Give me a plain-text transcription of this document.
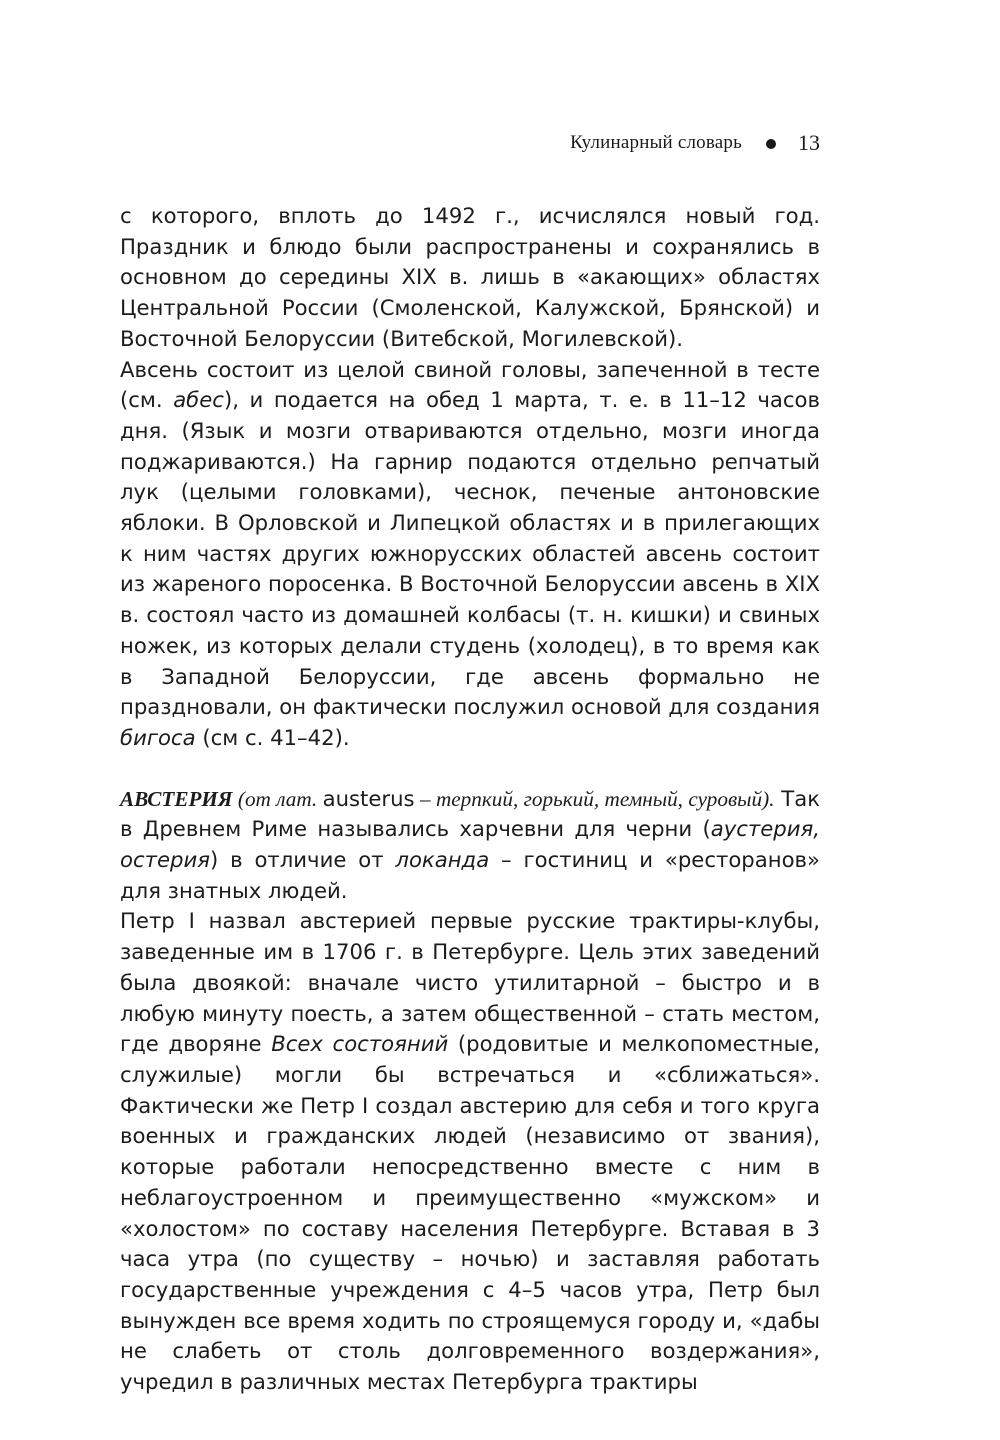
Кулинарный словарь	13

с которого, вплоть до 1492 г., исчислялся новый год. Праздник и блюдо были распространены и сохранялись в основном до середины XIX в. лишь в «акающих» областях Центральной России (Смоленской, Калужской, Брянской) и Восточной Белоруссии (Витебской, Могилевской).

Авсень состоит из целой свиной головы, запеченной в тесте (см. абес), и подается на обед 1 марта, т. е. в 11–12 часов дня. (Язык и мозги отвариваются отдельно, мозги иногда поджариваются.) На гарнир подаются отдельно репчатый лук (целыми головками), чеснок, печеные антоновские яблоки. В Орловской и Липецкой областях и в прилегающих к ним частях других южнорусских областей авсень состоит из жареного поросенка. В Восточной Белоруссии авсень в XIX в. состоял часто из домашней колбасы (т. н. кишки) и свиных ножек, из которых делали студень (холодец), в то время как в Западной Белоруссии, где авсень формально не праздновали, он фактически послужил основой для создания бигоса (см с. 41–42).

АВСТЕРИЯ (от лат. austerus – терпкий, горький, темный, суровый). Так в Древнем Риме назывались харчевни для черни (аустерия, остерия) в отличие от локанда – гостиниц и «ресторанов» для знатных людей.

Петр I назвал австерией первые русские трактиры-клубы, заведенные им в 1706 г. в Петербурге. Цель этих заведений была двоякой: вначале чисто утилитарной – быстро и в любую минуту поесть, а затем общественной – стать местом, где дворяне Всех состояний (родовитые и мелкопоместные, служилые) могли бы встречаться и «сближаться». Фактически же Петр I создал австерию для себя и того круга военных и гражданских людей (независимо от звания), которые работали непосредственно вместе с ним в неблагоустроенном и преимущественно «мужском» и «холостом» по составу населения Петербурге. Вставая в 3 часа утра (по существу – ночью) и заставляя работать государственные учреждения с 4–5 часов утра, Петр был вынужден все время ходить по строящемуся городу и, «дабы не слабеть от столь долговременного воздержания», учредил в различных местах Петербурга трактиры
